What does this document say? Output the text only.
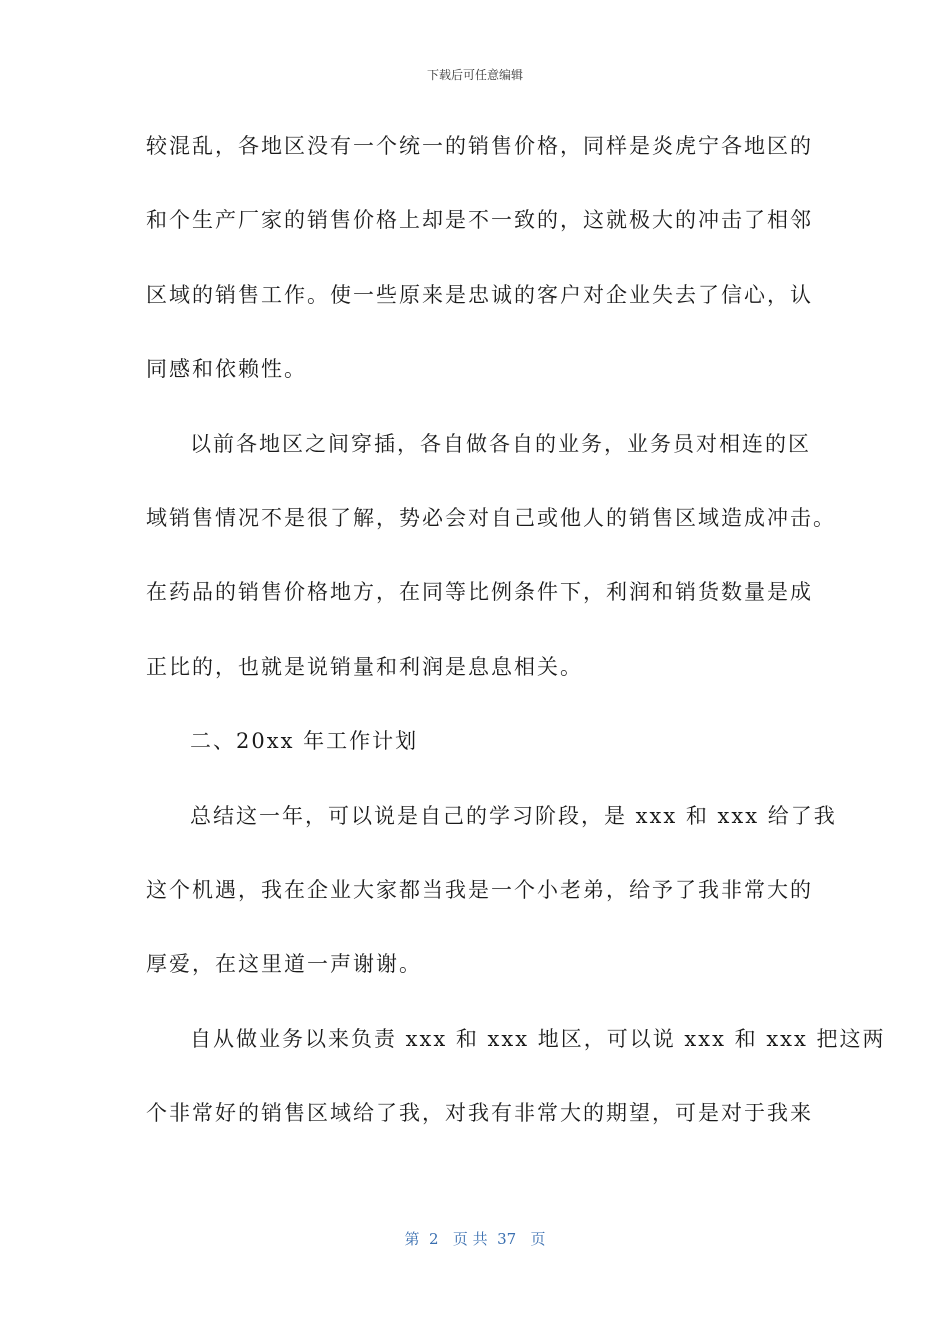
下载后可任意编辑
较混乱，各地区没有一个统一的销售价格，同样是炎虎宁各地区的
和个生产厂家的销售价格上却是不一致的，这就极大的冲击了相邻
区域的销售工作。使一些原来是忠诚的客户对企业失去了信心，认
同感和依赖性。
以前各地区之间穿插，各自做各自的业务，业务员对相连的区
域销售情况不是很了解，势必会对自己或他人的销售区域造成冲击。
在药品的销售价格地方，在同等比例条件下，利润和销货数量是成
正比的，也就是说销量和利润是息息相关。
二、20xx 年工作计划
总结这一年，可以说是自己的学习阶段，是 xxx 和 xxx 给了我
这个机遇，我在企业大家都当我是一个小老弟，给予了我非常大的
厚爱，在这里道一声谢谢。
自从做业务以来负责 xxx 和 xxx 地区，可以说 xxx 和 xxx 把这两
个非常好的销售区域给了我，对我有非常大的期望，可是对于我来
第  2   页 共  37   页
